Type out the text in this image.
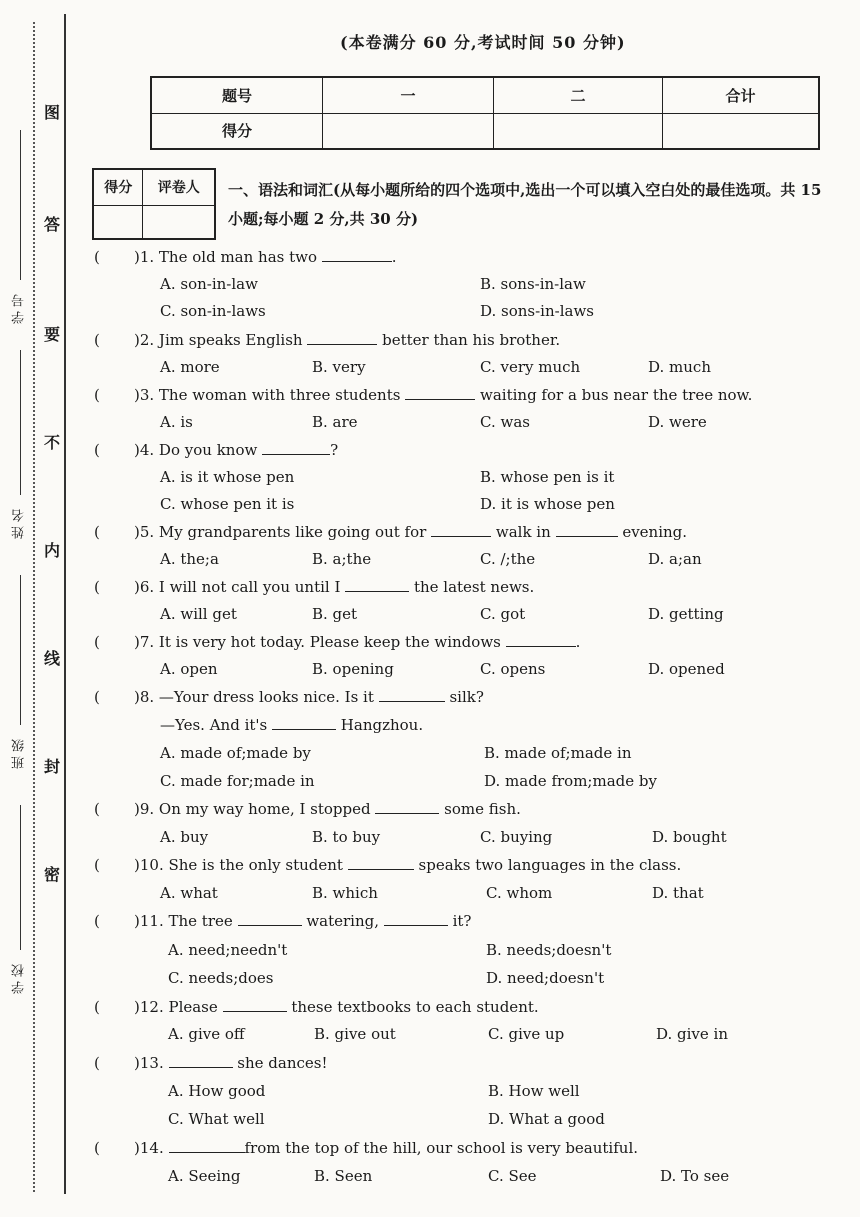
图
答
要
不
内
线
封
密
学号
姓名
班级
学校
(本卷满分 60 分,考试时间 50 分钟)
题号	一	二	合计
得分			
得分	评卷人
	一、语法和词汇(从每小题所给的四个选项中,选出一个可以填入空白处的最佳选项。共 15 小题;每小题 2 分,共 30 分)
( )1. The old man has two	.
A. son-in-law	B. sons-in-law
C. son-in-laws	D. sons-in-laws
( )2. Jim speaks English	better than his brother.
A. more	B. very	C. very much	D. much
( )3. The woman with three students	waiting for a bus near the tree now.
A. is	B. are	C. was	D. were
( )4. Do you know	?
A. is it whose pen	B. whose pen is it
C. whose pen it is	D. it is whose pen
( )5. My grandparents like going out for	walk in	evening.
A. the;a	B. a;the	C. /;the	D. a;an
( )6. I will not call you until I	the latest news.
A. will get	B. get	C. got	D. getting
( )7. It is very hot today. Please keep the windows	.
A. open	B. opening	C. opens	D. opened
( )8. —Your dress looks nice. Is it	silk?
—Yes. And it's	Hangzhou.
A. made of;made by	B. made of;made in
C. made for;made in	D. made from;made by
( )9. On my way home, I stopped	some fish.
A. buy	B. to buy	C. buying	D. bought
( )10. She is the only student	speaks two languages in the class.
A. what	B. which	C. whom	D. that
( )11. The tree	watering,	it?
A. need;needn't	B. needs;doesn't
C. needs;does	D. need;doesn't
( )12. Please	these textbooks to each student.
A. give off	B. give out	C. give up	D. give in
( )13.	she dances!
A. How good	B. How well
C. What well	D. What a good
( )14.	from the top of the hill, our school is very beautiful.
A. Seeing	B. Seen	C. See	D. To see
